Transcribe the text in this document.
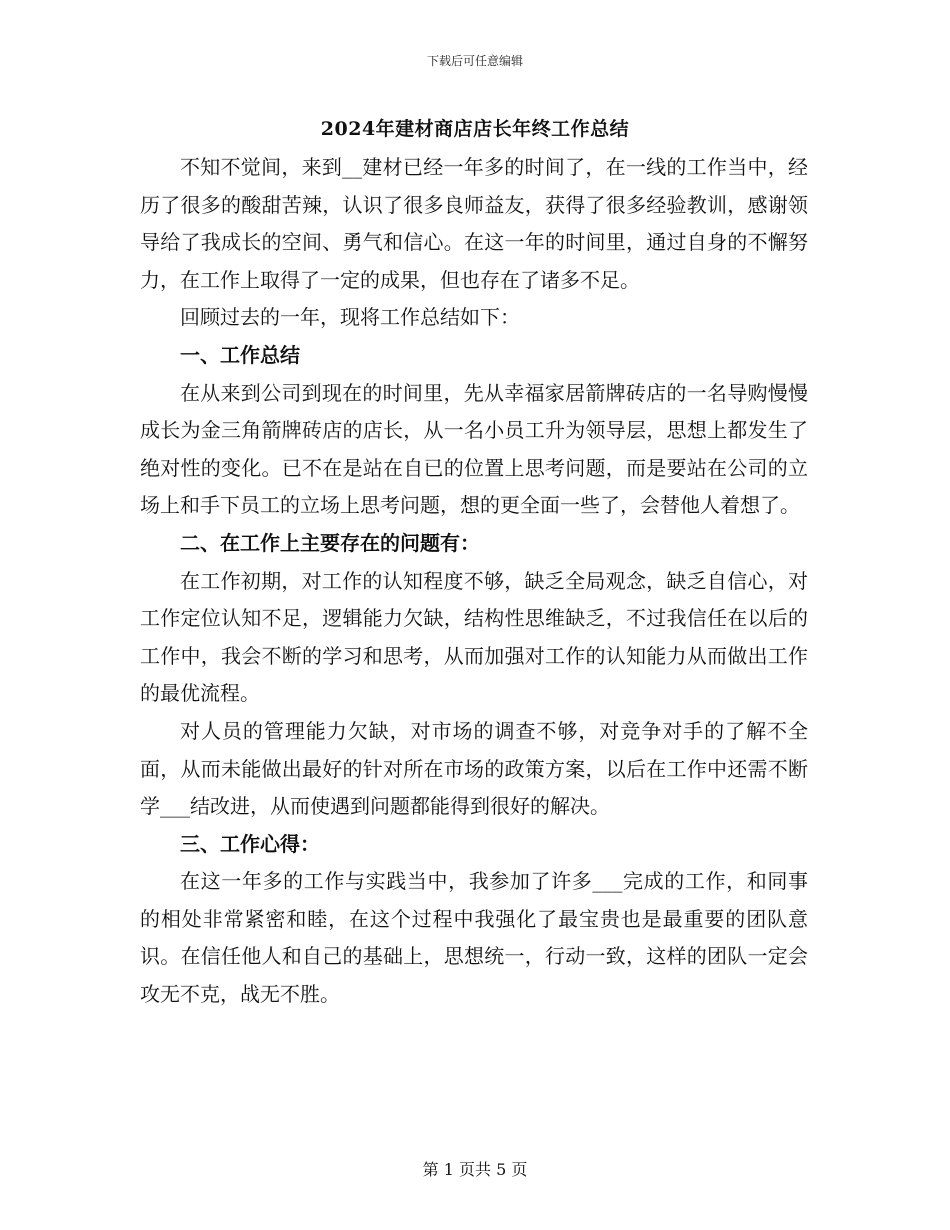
下载后可任意编辑
2024年建材商店店长年终工作总结

不知不觉间，来到__建材已经一年多的时间了，在一线的工作当中，经历了很多的酸甜苦辣，认识了很多良师益友，获得了很多经验教训，感谢领导给了我成长的空间、勇气和信心。在这一年的时间里，通过自身的不懈努力，在工作上取得了一定的成果，但也存在了诸多不足。

回顾过去的一年，现将工作总结如下：

一、工作总结

在从来到公司到现在的时间里，先从幸福家居箭牌砖店的一名导购慢慢成长为金三角箭牌砖店的店长，从一名小员工升为领导层，思想上都发生了绝对性的变化。已不在是站在自已的位置上思考问题，而是要站在公司的立场上和手下员工的立场上思考问题，想的更全面一些了，会替他人着想了。

二、在工作上主要存在的问题有：

在工作初期，对工作的认知程度不够，缺乏全局观念，缺乏自信心，对工作定位认知不足，逻辑能力欠缺，结构性思维缺乏，不过我信任在以后的工作中，我会不断的学习和思考，从而加强对工作的认知能力从而做出工作的最优流程。

对人员的管理能力欠缺，对市场的调查不够，对竞争对手的了解不全面，从而未能做出最好的针对所在市场的政策方案，以后在工作中还需不断学___结改进，从而使遇到问题都能得到很好的解决。

三、工作心得：

在这一年多的工作与实践当中，我参加了许多___完成的工作，和同事的相处非常紧密和睦，在这个过程中我强化了最宝贵也是最重要的团队意识。在信任他人和自己的基础上，思想统一，行动一致，这样的团队一定会攻无不克，战无不胜。

第 1 页共 5 页
